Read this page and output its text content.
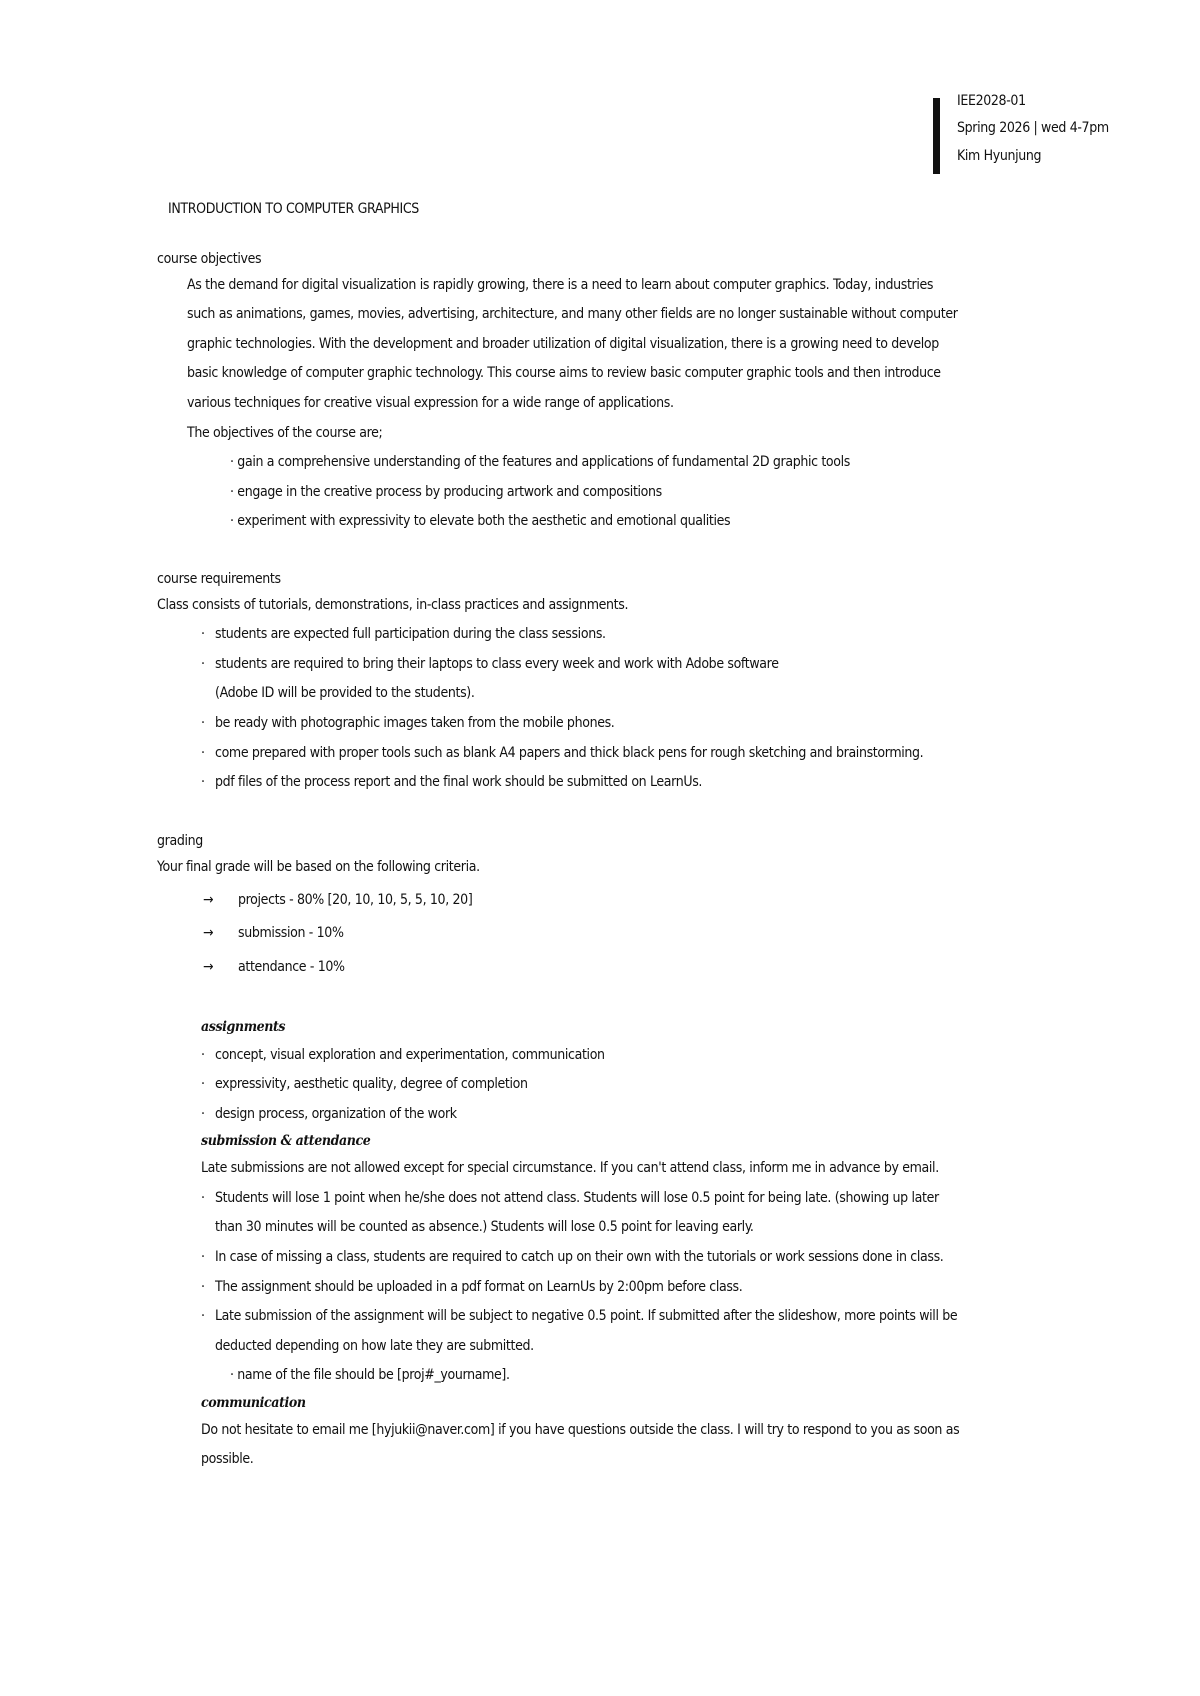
IEE2028-01
Spring 2026 | wed 4-7pm
Kim Hyunjung
INTRODUCTION TO COMPUTER GRAPHICS
course objectives
As the demand for digital visualization is rapidly growing, there is a need to learn about computer graphics. Today, industries
such as animations, games, movies, advertising, architecture, and many other fields are no longer sustainable without computer
graphic technologies. With the development and broader utilization of digital visualization, there is a growing need to develop
basic knowledge of computer graphic technology. This course aims to review basic computer graphic tools and then introduce
various techniques for creative visual expression for a wide range of applications.
The objectives of the course are;
· gain a comprehensive understanding of the features and applications of fundamental 2D graphic tools
· engage in the creative process by producing artwork and compositions
· experiment with expressivity to elevate both the aesthetic and emotional qualities
course requirements
Class consists of tutorials, demonstrations, in-class practices and assignments.
· students are expected full participation during the class sessions.
· students are required to bring their laptops to class every week and work with Adobe software
(Adobe ID will be provided to the students).
· be ready with photographic images taken from the mobile phones.
· come prepared with proper tools such as blank A4 papers and thick black pens for rough sketching and brainstorming.
· pdf files of the process report and the final work should be submitted on LearnUs.
grading
Your final grade will be based on the following criteria.
→ projects - 80% [20, 10, 10, 5, 5, 10, 20]
→ submission - 10%
→ attendance - 10%
assignments
· concept, visual exploration and experimentation, communication
· expressivity, aesthetic quality, degree of completion
· design process, organization of the work
submission & attendance
Late submissions are not allowed except for special circumstance. If you can't attend class, inform me in advance by email.
· Students will lose 1 point when he/she does not attend class. Students will lose 0.5 point for being late. (showing up later
than 30 minutes will be counted as absence.) Students will lose 0.5 point for leaving early.
· In case of missing a class, students are required to catch up on their own with the tutorials or work sessions done in class.
· The assignment should be uploaded in a pdf format on LearnUs by 2:00pm before class.
· Late submission of the assignment will be subject to negative 0.5 point. If submitted after the slideshow, more points will be
deducted depending on how late they are submitted.
· name of the file should be [proj#_yourname].
communication
Do not hesitate to email me [hyjukii@naver.com] if you have questions outside the class. I will try to respond to you as soon as
possible.
